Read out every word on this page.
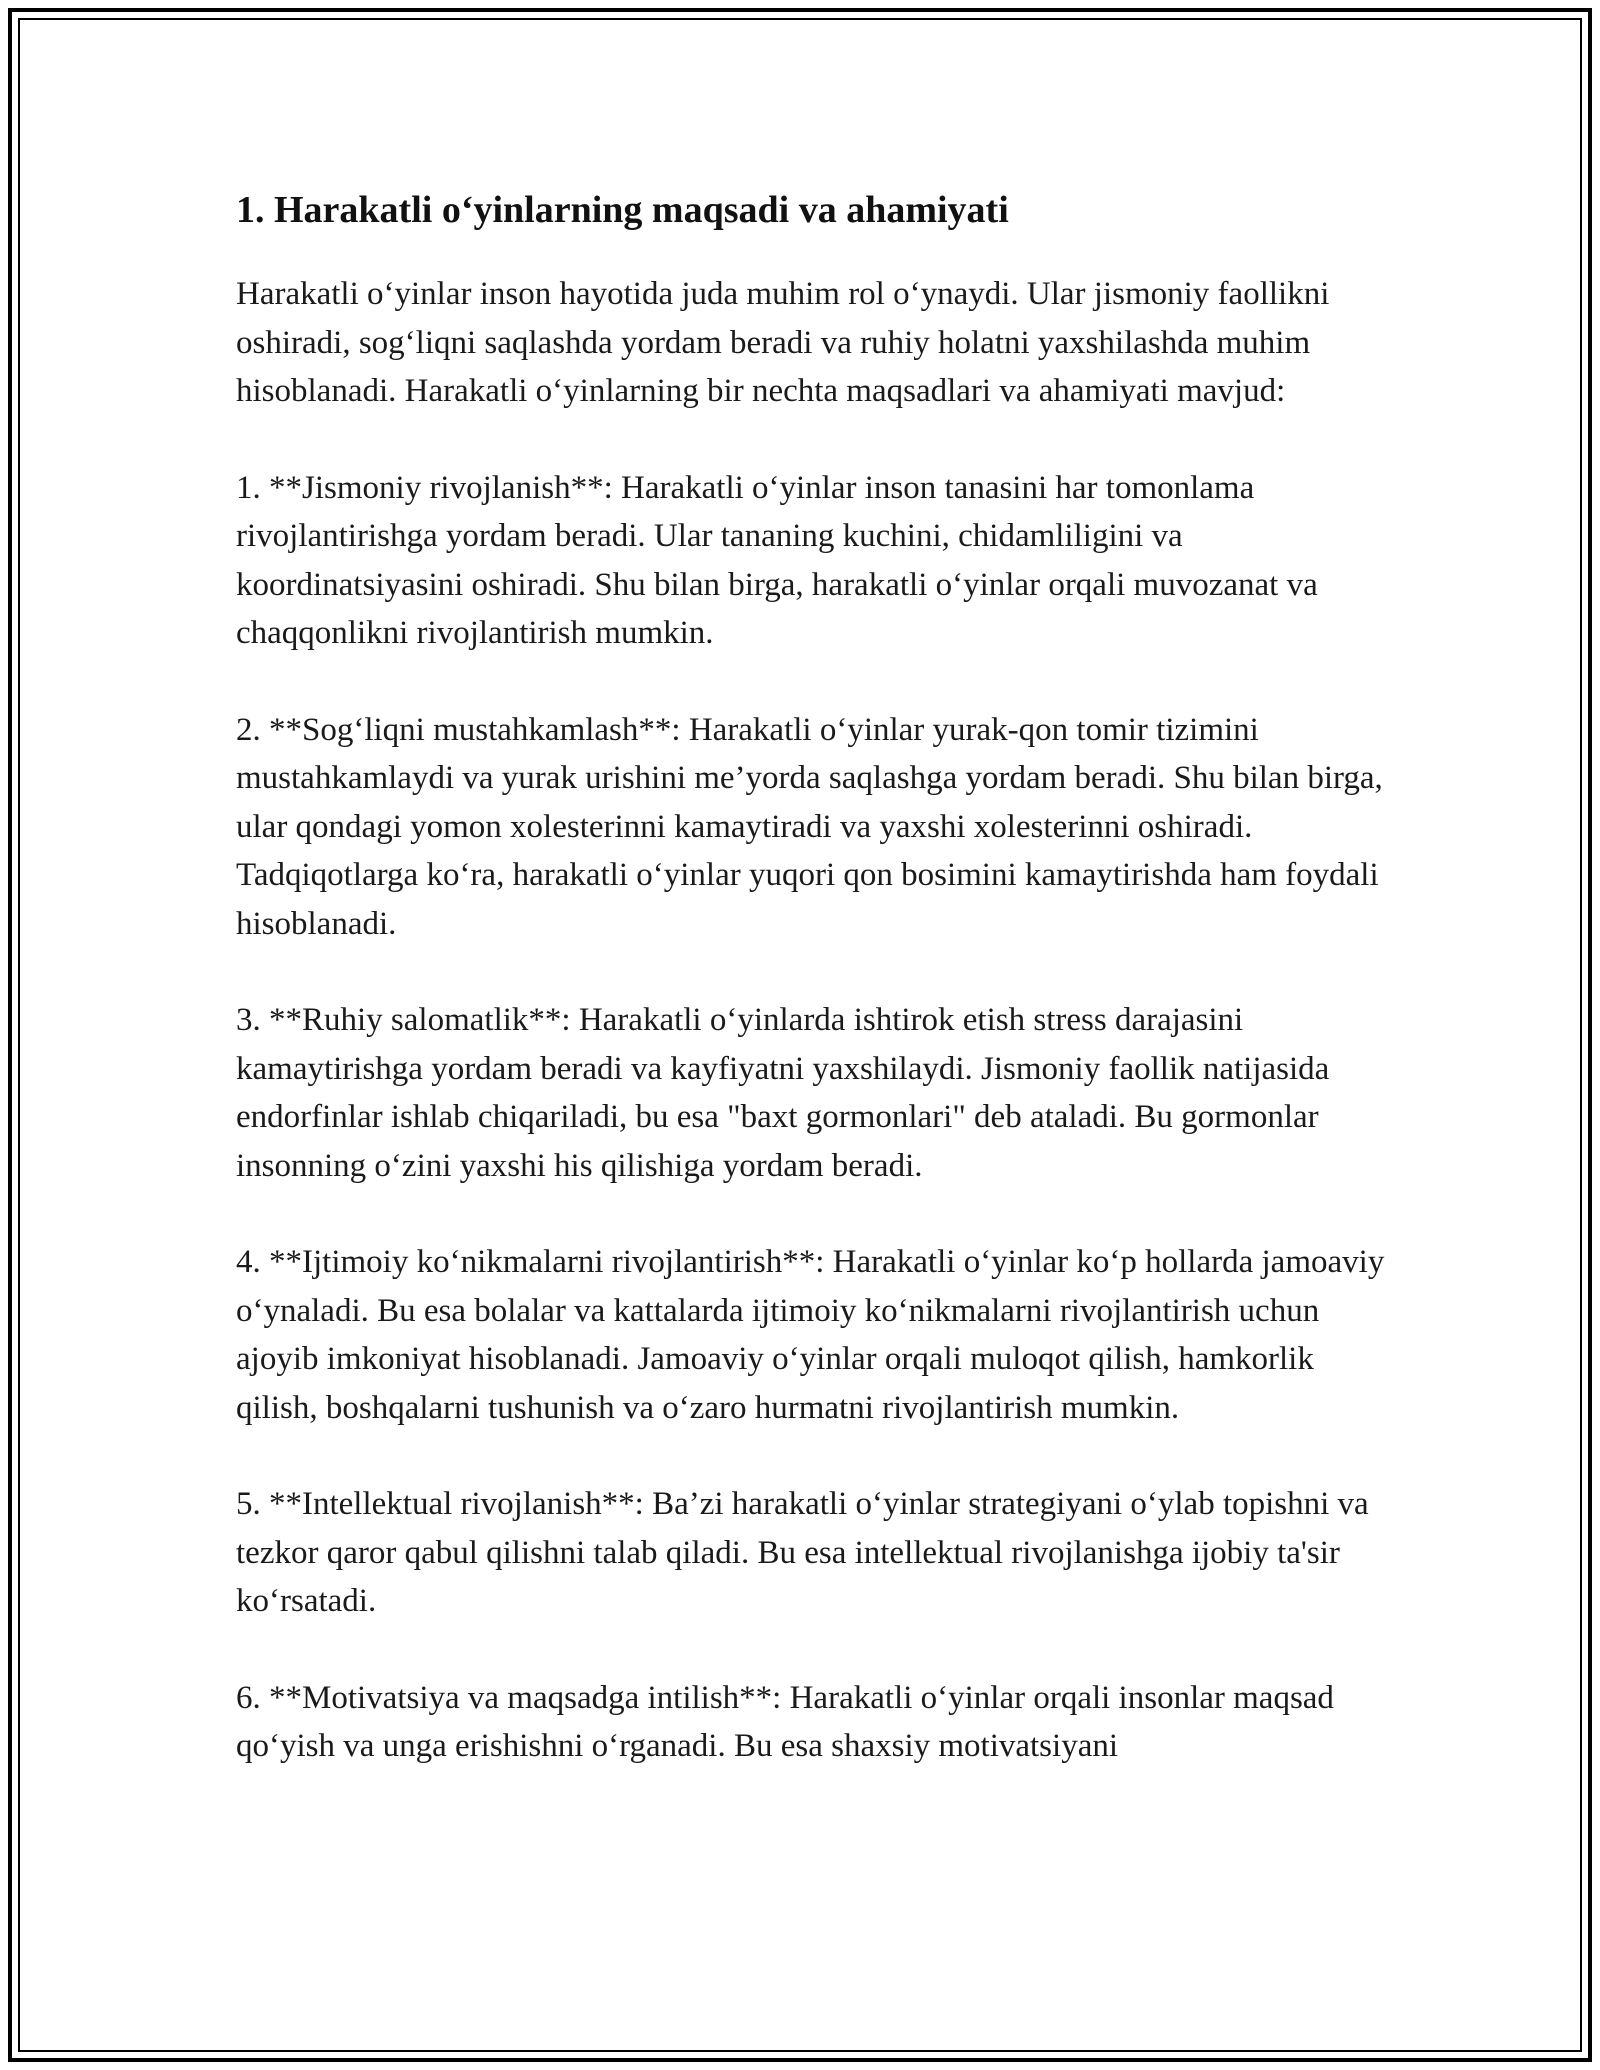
1. Harakatli o‘yinlarning maqsadi va ahamiyati

Harakatli o‘yinlar inson hayotida juda muhim rol o‘ynaydi. Ular jismoniy faollikni oshiradi, sog‘liqni saqlashda yordam beradi va ruhiy holatni yaxshilashda muhim hisoblanadi. Harakatli o‘yinlarning bir nechta maqsadlari va ahamiyati mavjud:

1. **Jismoniy rivojlanish**: Harakatli o‘yinlar inson tanasini har tomonlama rivojlantirishga yordam beradi. Ular tananing kuchini, chidamliligini va koordinatsiyasini oshiradi. Shu bilan birga, harakatli o‘yinlar orqali muvozanat va chaqqonlikni rivojlantirish mumkin.

2. **Sog‘liqni mustahkamlash**: Harakatli o‘yinlar yurak-qon tomir tizimini mustahkamlaydi va yurak urishini me’yorda saqlashga yordam beradi. Shu bilan birga, ular qondagi yomon xolesterinni kamaytiradi va yaxshi xolesterinni oshiradi. Tadqiqotlarga ko‘ra, harakatli o‘yinlar yuqori qon bosimini kamaytirishda ham foydali hisoblanadi.

3. **Ruhiy salomatlik**: Harakatli o‘yinlarda ishtirok etish stress darajasini kamaytirishga yordam beradi va kayfiyatni yaxshilaydi. Jismoniy faollik natijasida endorfinlar ishlab chiqariladi, bu esa "baxt gormonlari" deb ataladi. Bu gormonlar insonning o‘zini yaxshi his qilishiga yordam beradi.

4. **Ijtimoiy ko‘nikmalarni rivojlantirish**: Harakatli o‘yinlar ko‘p hollarda jamoaviy o‘ynaladi. Bu esa bolalar va kattalarda ijtimoiy ko‘nikmalarni rivojlantirish uchun ajoyib imkoniyat hisoblanadi. Jamoaviy o‘yinlar orqali muloqot qilish, hamkorlik qilish, boshqalarni tushunish va o‘zaro hurmatni rivojlantirish mumkin.

5. **Intellektual rivojlanish**: Ba’zi harakatli o‘yinlar strategiyani o‘ylab topishni va tezkor qaror qabul qilishni talab qiladi. Bu esa intellektual rivojlanishga ijobiy ta'sir ko‘rsatadi.

6. **Motivatsiya va maqsadga intilish**: Harakatli o‘yinlar orqali insonlar maqsad qo‘yish va unga erishishni o‘rganadi. Bu esa shaxsiy motivatsiyani
